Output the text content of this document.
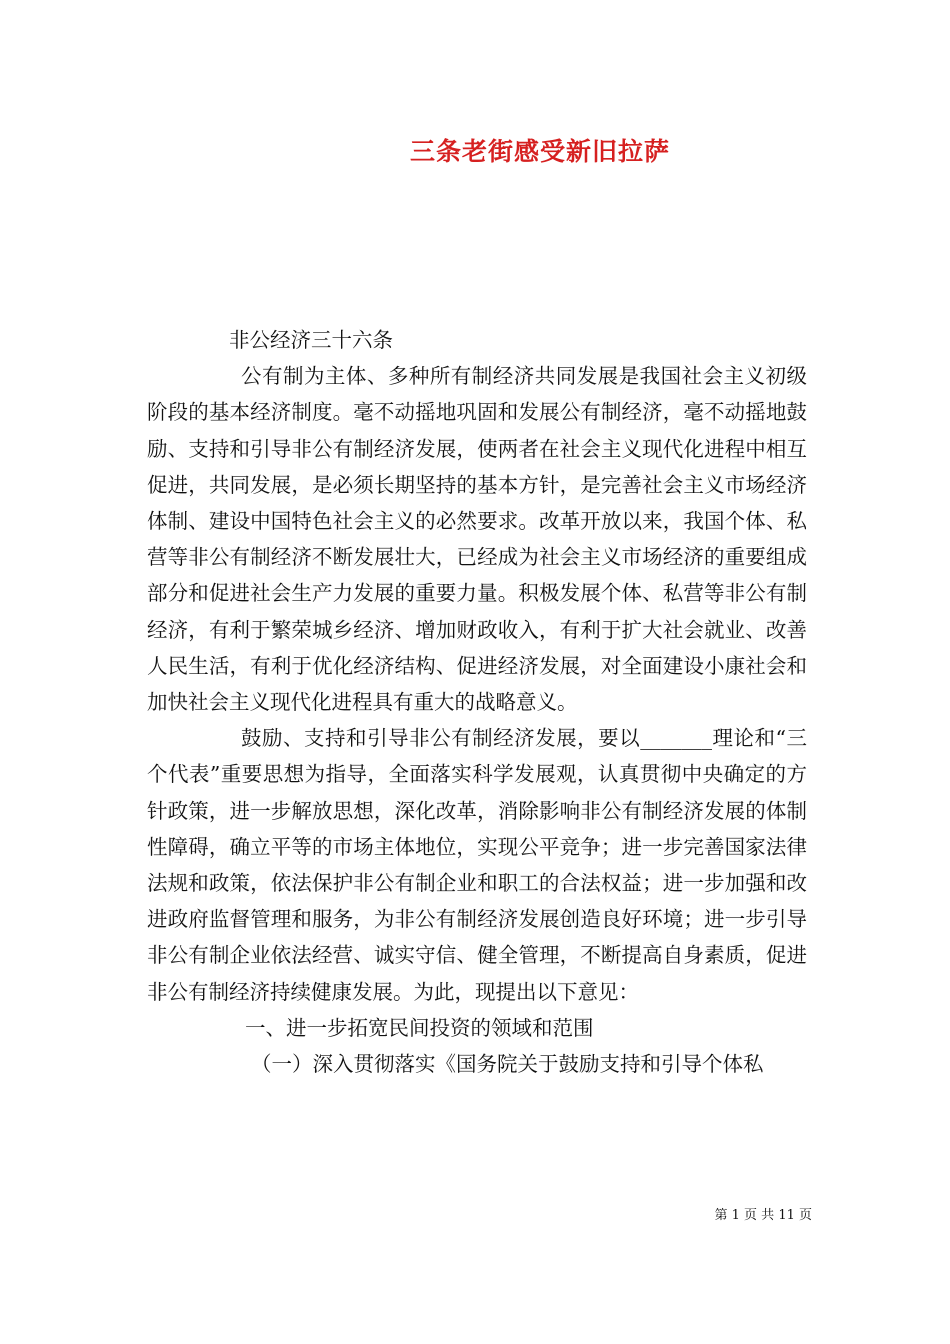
三条老街感受新旧拉萨

非公经济三十六条

公有制为主体、多种所有制经济共同发展是我国社会主义初级阶段的基本经济制度。毫不动摇地巩固和发展公有制经济，毫不动摇地鼓励、支持和引导非公有制经济发展，使两者在社会主义现代化进程中相互促进，共同发展，是必须长期坚持的基本方针，是完善社会主义市场经济体制、建设中国特色社会主义的必然要求。改革开放以来，我国个体、私营等非公有制经济不断发展壮大，已经成为社会主义市场经济的重要组成部分和促进社会生产力发展的重要力量。积极发展个体、私营等非公有制经济，有利于繁荣城乡经济、增加财政收入，有利于扩大社会就业、改善人民生活，有利于优化经济结构、促进经济发展，对全面建设小康社会和加快社会主义现代化进程具有重大的战略意义。

鼓励、支持和引导非公有制经济发展，要以_______理论和“三个代表”重要思想为指导，全面落实科学发展观，认真贯彻中央确定的方针政策，进一步解放思想，深化改革，消除影响非公有制经济发展的体制性障碍，确立平等的市场主体地位，实现公平竞争；进一步完善国家法律法规和政策，依法保护非公有制企业和职工的合法权益；进一步加强和改进政府监督管理和服务，为非公有制经济发展创造良好环境；进一步引导非公有制企业依法经营、诚实守信、健全管理，不断提高自身素质，促进非公有制经济持续健康发展。为此，现提出以下意见：

一、进一步拓宽民间投资的领域和范围

（一）深入贯彻落实《国务院关于鼓励支持和引导个体私

第 1 页 共 11 页
